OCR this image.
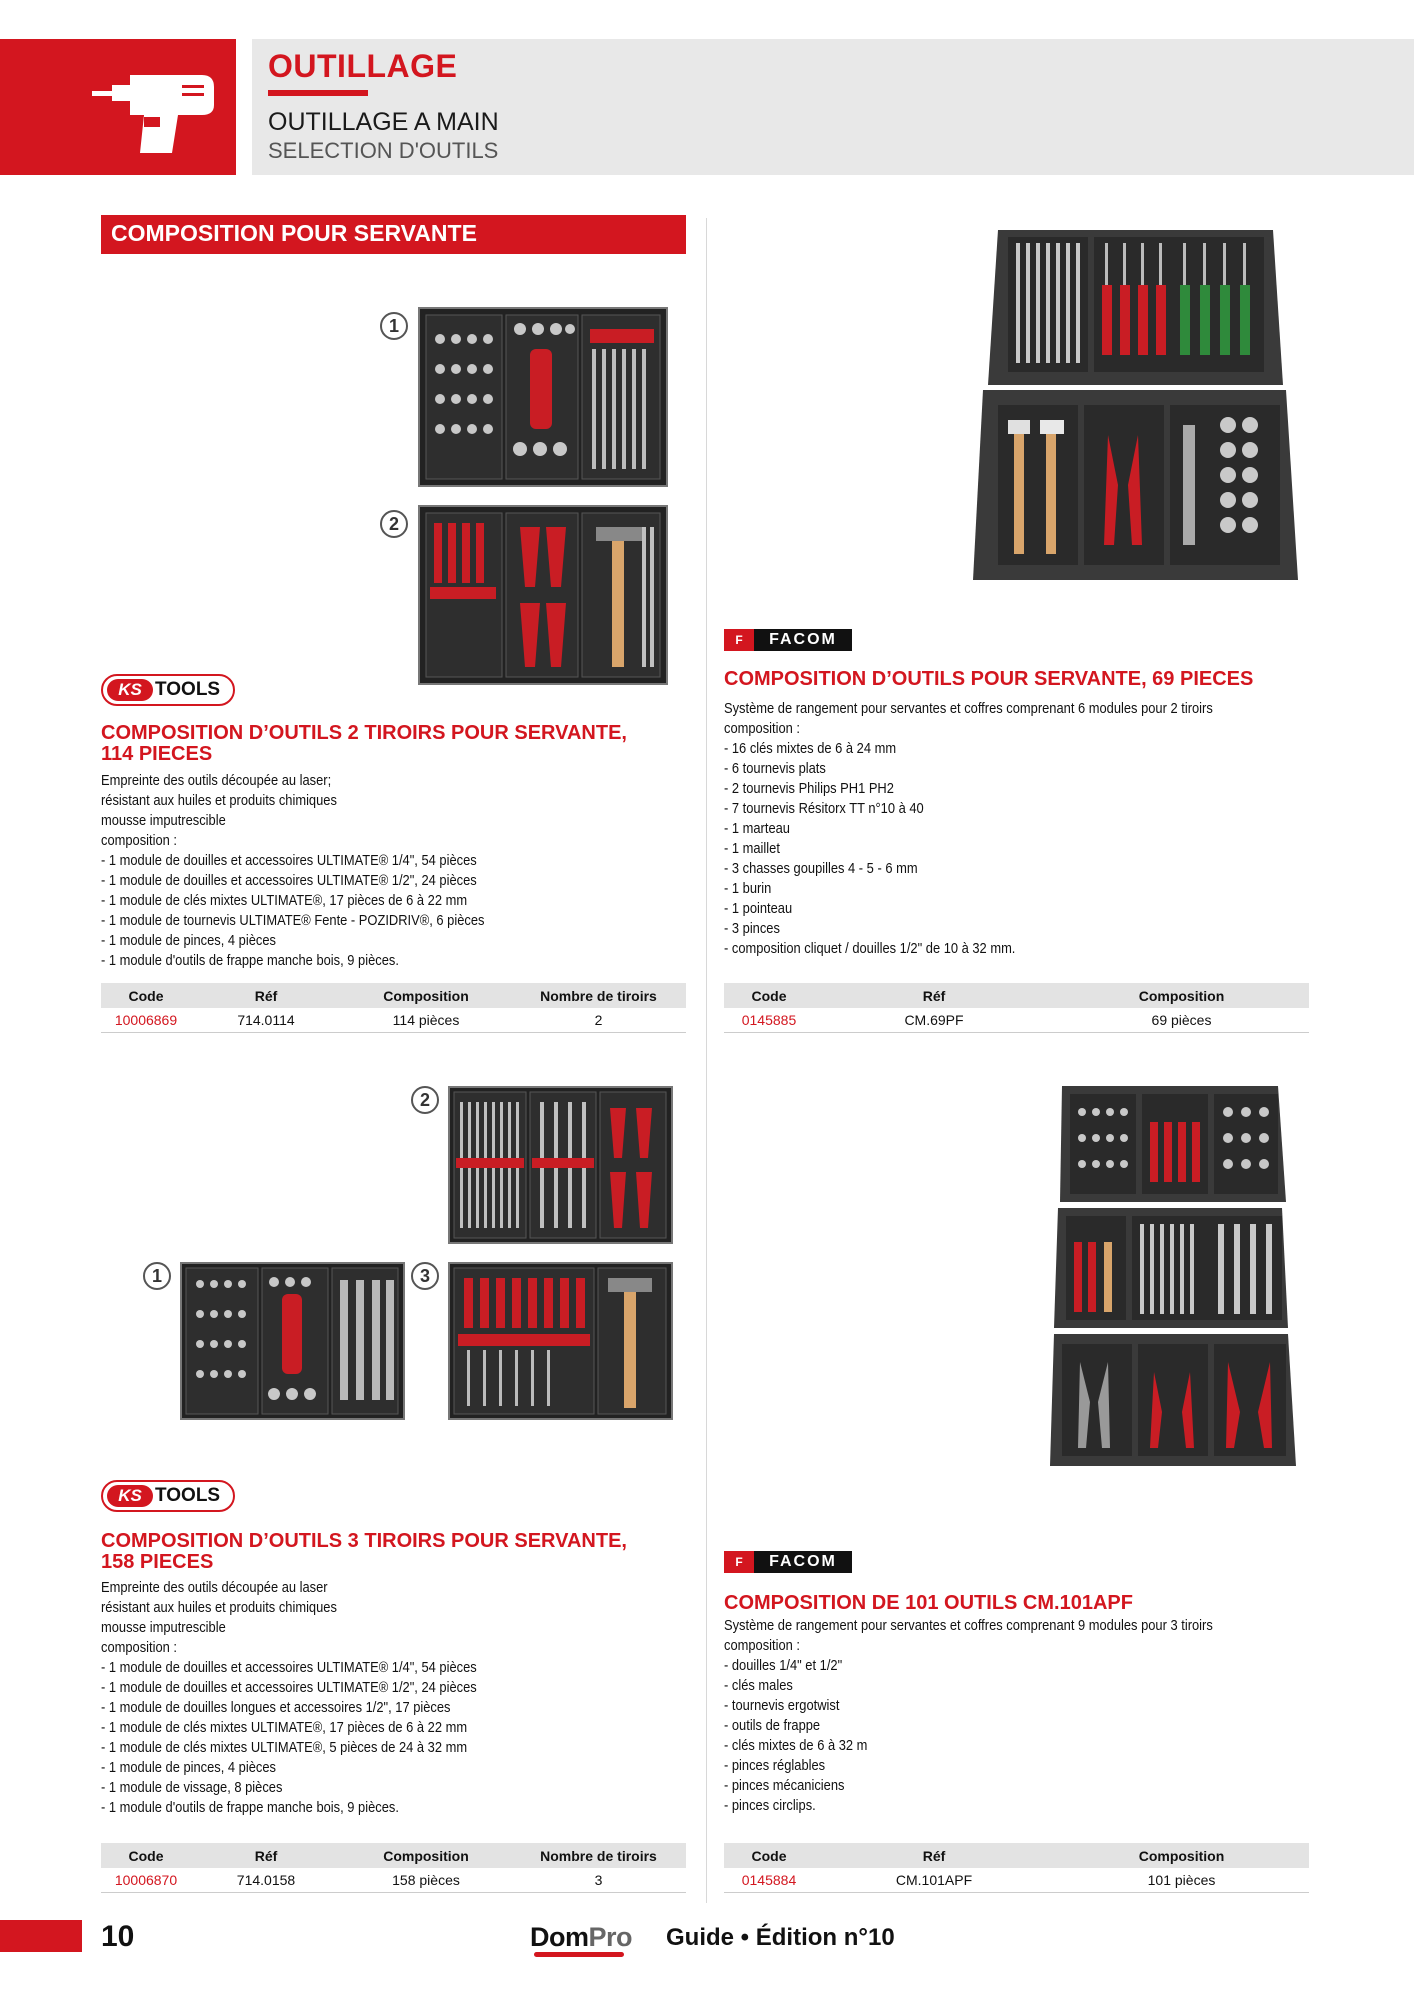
OUTILLAGE
OUTILLAGE A MAIN
SELECTION D'OUTILS
COMPOSITION POUR SERVANTE
1
2
KS TOOLS
COMPOSITION D’OUTILS 2 TIROIRS POUR SERVANTE,
114 PIECES
Empreinte des outils découpée au laser;
résistant aux huiles et produits chimiques
mousse imputrescible
composition :
- 1 module de douilles et accessoires ULTIMATE® 1/4", 54 pièces
- 1 module de douilles et accessoires ULTIMATE® 1/2", 24 pièces
- 1 module de clés mixtes ULTIMATE®, 17 pièces de 6 à 22 mm
- 1 module de tournevis ULTIMATE® Fente - POZIDRIV®, 6 pièces
- 1 module de pinces, 4 pièces
- 1 module d'outils de frappe manche bois, 9 pièces.
Code	Réf	Composition	Nombre de tiroirs
10006869	714.0114	114 pièces	2
F	FACOM
COMPOSITION D’OUTILS POUR SERVANTE, 69 PIECES
Système de rangement pour servantes et coffres comprenant 6 modules pour 2 tiroirs
composition :
- 16 clés mixtes de 6 à 24 mm
- 6 tournevis plats
- 2 tournevis Philips PH1 PH2
- 7 tournevis Résitorx TT n°10 à 40
- 1 marteau
- 1 maillet
- 3 chasses goupilles 4 - 5 - 6 mm
- 1 burin
- 1 pointeau
- 3 pinces
- composition cliquet / douilles 1/2" de 10 à 32 mm.
Code	Réf	Composition
0145885	CM.69PF	69 pièces
2
1	3
KS TOOLS
COMPOSITION D’OUTILS 3 TIROIRS POUR SERVANTE,
158 PIECES
Empreinte des outils découpée au laser
résistant aux huiles et produits chimiques
mousse imputrescible
composition :
- 1 module de douilles et accessoires ULTIMATE® 1/4", 54 pièces
- 1 module de douilles et accessoires ULTIMATE® 1/2", 24 pièces
- 1 module de douilles longues et accessoires 1/2", 17 pièces
- 1 module de clés mixtes ULTIMATE®, 17 pièces de 6 à 22 mm
- 1 module de clés mixtes ULTIMATE®, 5 pièces de 24 à 32 mm
- 1 module de pinces, 4 pièces
- 1 module de vissage, 8 pièces
- 1 module d'outils de frappe manche bois, 9 pièces.
Code	Réf	Composition	Nombre de tiroirs
10006870	714.0158	158 pièces	3
F	FACOM
COMPOSITION DE 101 OUTILS CM.101APF
Système de rangement pour servantes et coffres comprenant 9 modules pour 3 tiroirs
composition :
- douilles 1/4" et 1/2"
- clés males
- tournevis ergotwist
- outils de frappe
- clés mixtes de 6 à 32 m
- pinces réglables
- pinces mécaniciens
- pinces circlips.
Code	Réf	Composition
0145884	CM.101APF	101 pièces
10	DomPro Guide • Édition n°10
